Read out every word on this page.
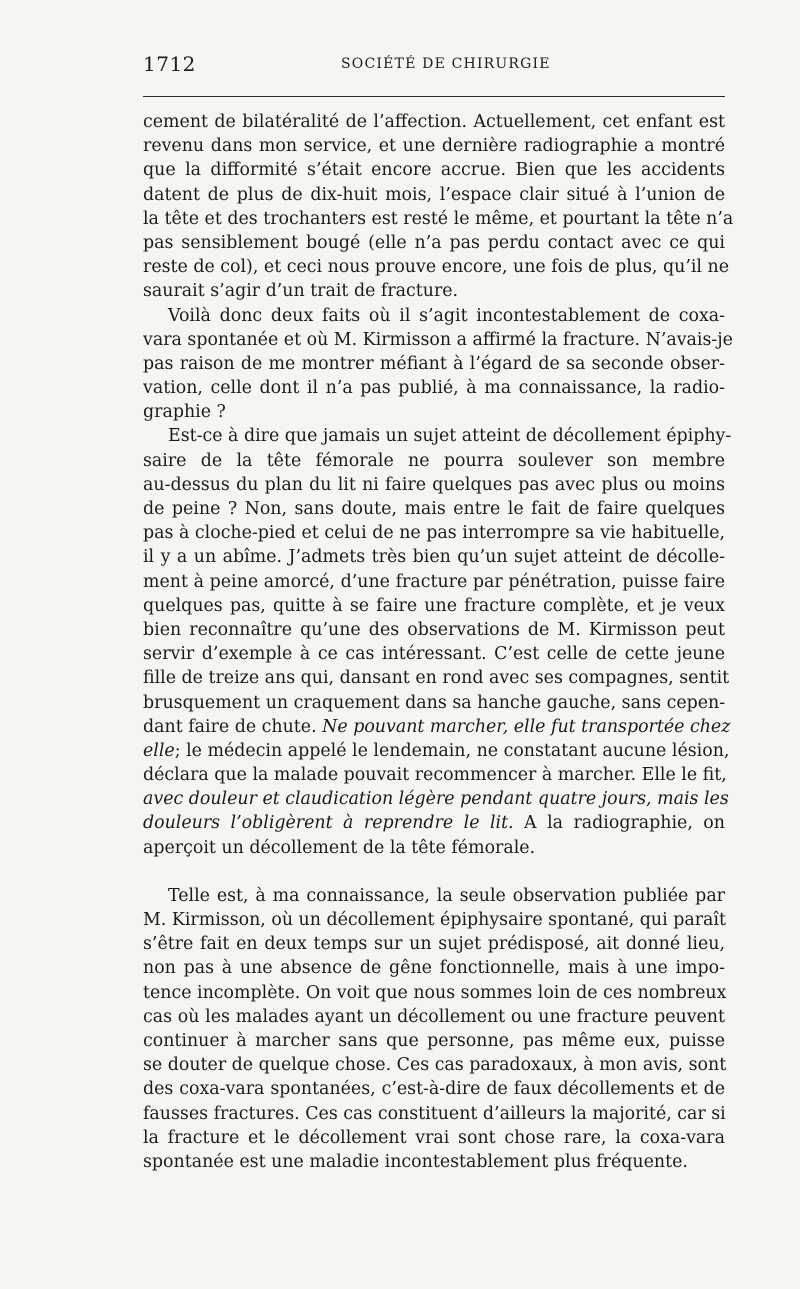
1712	SOCIÉTÉ DE CHIRURGIE
cement de bilatéralité de l’affection. Actuellement, cet enfant est
revenu dans mon service, et une dernière radiographie a montré
que la difformité s’était encore accrue. Bien que les accidents
datent de plus de dix-huit mois, l’espace clair situé à l’union de
la tête et des trochanters est resté le même, et pourtant la tête n’a
pas sensiblement bougé (elle n’a pas perdu contact avec ce qui
reste de col), et ceci nous prouve encore, une fois de plus, qu’il ne
saurait s’agir d’un trait de fracture.
Voilà donc deux faits où il s’agit incontestablement de coxa-
vara spontanée et où M. Kirmisson a affirmé la fracture. N’avais-je
pas raison de me montrer méfiant à l’égard de sa seconde obser-
vation, celle dont il n’a pas publié, à ma connaissance, la radio-
graphie ?
Est-ce à dire que jamais un sujet atteint de décollement épiphy-
saire de la tête fémorale ne pourra soulever son membre
au-dessus du plan du lit ni faire quelques pas avec plus ou moins
de peine ? Non, sans doute, mais entre le fait de faire quelques
pas à cloche-pied et celui de ne pas interrompre sa vie habituelle,
il y a un abîme. J’admets très bien qu’un sujet atteint de décolle-
ment à peine amorcé, d’une fracture par pénétration, puisse faire
quelques pas, quitte à se faire une fracture complète, et je veux
bien reconnaître qu’une des observations de M. Kirmisson peut
servir d’exemple à ce cas intéressant. C’est celle de cette jeune
fille de treize ans qui, dansant en rond avec ses compagnes, sentit
brusquement un craquement dans sa hanche gauche, sans cepen-
dant faire de chute. Ne pouvant marcher, elle fut transportée chez
elle; le médecin appelé le lendemain, ne constatant aucune lésion,
déclara que la malade pouvait recommencer à marcher. Elle le fit,
avec douleur et claudication légère pendant quatre jours, mais les
douleurs l’obligèrent à reprendre le lit. A la radiographie, on
aperçoit un décollement de la tête fémorale.
Telle est, à ma connaissance, la seule observation publiée par
M. Kirmisson, où un décollement épiphysaire spontané, qui paraît
s’être fait en deux temps sur un sujet prédisposé, ait donné lieu,
non pas à une absence de gêne fonctionnelle, mais à une impo-
tence incomplète. On voit que nous sommes loin de ces nombreux
cas où les malades ayant un décollement ou une fracture peuvent
continuer à marcher sans que personne, pas même eux, puisse
se douter de quelque chose. Ces cas paradoxaux, à mon avis, sont
des coxa-vara spontanées, c’est-à-dire de faux décollements et de
fausses fractures. Ces cas constituent d’ailleurs la majorité, car si
la fracture et le décollement vrai sont chose rare, la coxa-vara
spontanée est une maladie incontestablement plus fréquente.
